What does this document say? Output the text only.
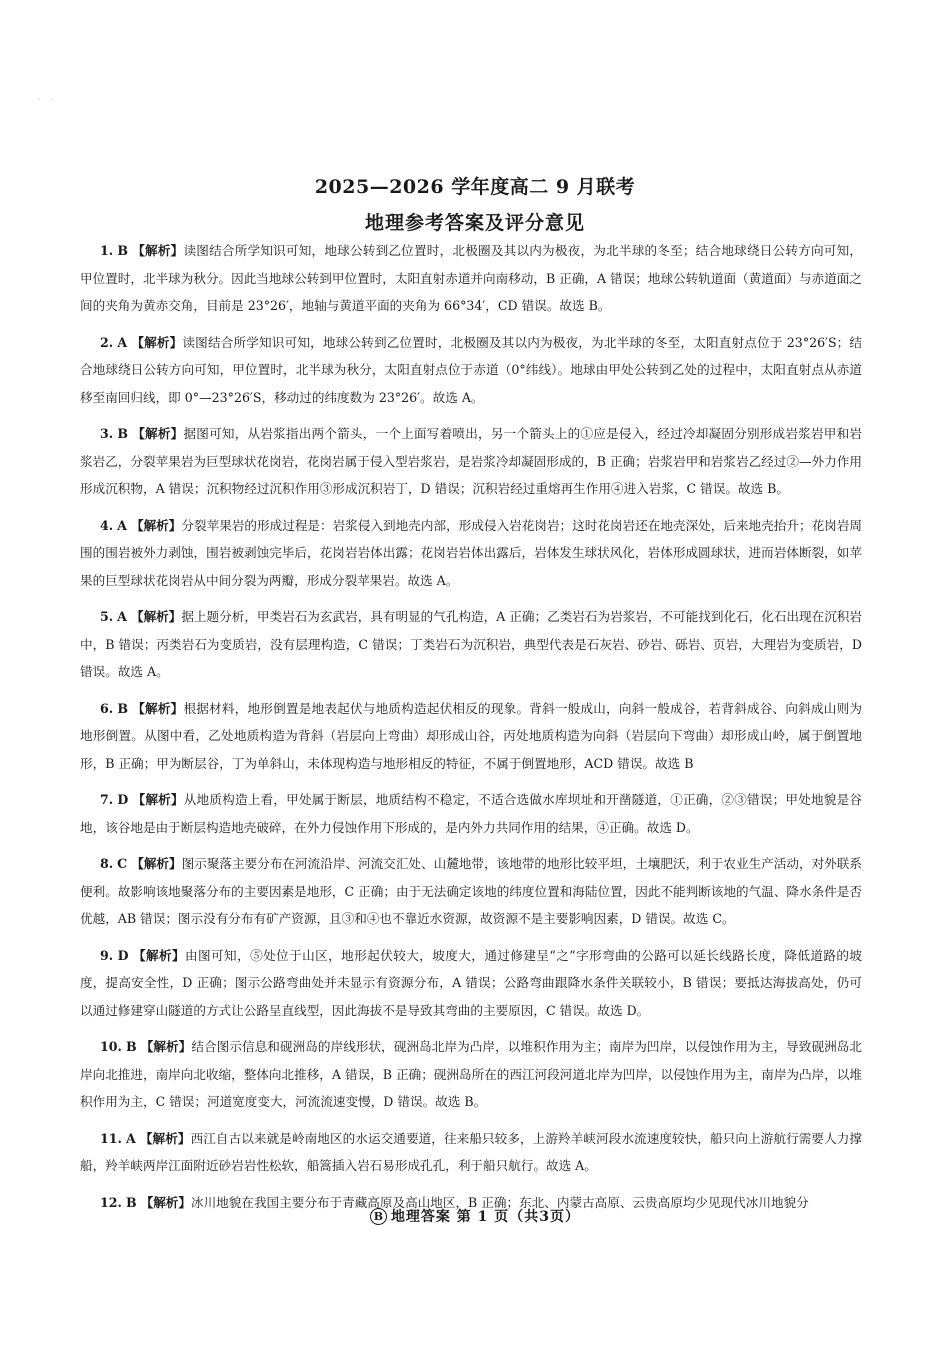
· ·
2025—2026 学年度高二 9 月联考
地理参考答案及评分意见

1. B 【解析】读图结合所学知识可知，地球公转到乙位置时，北极圈及其以内为极夜，为北半球的冬至；结合地球绕日公转方向可知，甲位置时，北半球为秋分。因此当地球公转到甲位置时，太阳直射赤道并向南移动，B 正确，A 错误；地球公转轨道面（黄道面）与赤道面之间的夹角为黄赤交角，目前是 23°26′，地轴与黄道平面的夹角为 66°34′，CD 错误。故选 B。

2. A 【解析】读图结合所学知识可知，地球公转到乙位置时，北极圈及其以内为极夜，为北半球的冬至，太阳直射点位于 23°26′S；结合地球绕日公转方向可知，甲位置时，北半球为秋分，太阳直射点位于赤道（0°纬线）。地球由甲处公转到乙处的过程中，太阳直射点从赤道移至南回归线，即 0°—23°26′S，移动过的纬度数为 23°26′。故选 A。

3. B 【解析】据图可知，从岩浆指出两个箭头，一个上面写着喷出，另一个箭头上的①应是侵入，经过冷却凝固分别形成岩浆岩甲和岩浆岩乙，分裂苹果岩为巨型球状花岗岩，花岗岩属于侵入型岩浆岩，是岩浆冷却凝固形成的，B 正确；岩浆岩甲和岩浆岩乙经过②—外力作用形成沉积物，A 错误；沉积物经过沉积作用③形成沉积岩丁，D 错误；沉积岩经过重熔再生作用④进入岩浆，C 错误。故选 B。

4. A 【解析】分裂苹果岩的形成过程是：岩浆侵入到地壳内部，形成侵入岩花岗岩；这时花岗岩还在地壳深处，后来地壳抬升；花岗岩周围的围岩被外力剥蚀，围岩被剥蚀完毕后，花岗岩岩体出露；花岗岩岩体出露后，岩体发生球状风化，岩体形成圆球状，进而岩体断裂，如苹果的巨型球状花岗岩从中间分裂为两瓣，形成分裂苹果岩。故选 A。

5. A 【解析】据上题分析，甲类岩石为玄武岩，具有明显的气孔构造，A 正确；乙类岩石为岩浆岩，不可能找到化石，化石出现在沉积岩中，B 错误；丙类岩石为变质岩，没有层理构造，C 错误；丁类岩石为沉积岩，典型代表是石灰岩、砂岩、砾岩、页岩，大理岩为变质岩，D 错误。故选 A。

6. B 【解析】根据材料，地形倒置是地表起伏与地质构造起伏相反的现象。背斜一般成山，向斜一般成谷，若背斜成谷、向斜成山则为地形倒置。从图中看，乙处地质构造为背斜（岩层向上弯曲）却形成山谷，丙处地质构造为向斜（岩层向下弯曲）却形成山岭，属于倒置地形，B 正确；甲为断层谷，丁为单斜山，未体现构造与地形相反的特征，不属于倒置地形，ACD 错误。故选 B

7. D 【解析】从地质构造上看，甲处属于断层，地质结构不稳定，不适合选做水库坝址和开凿隧道，①正确，②③错误；甲处地貌是谷地，该谷地是由于断层构造地壳破碎，在外力侵蚀作用下形成的，是内外力共同作用的结果，④正确。故选 D。

8. C 【解析】图示聚落主要分布在河流沿岸、河流交汇处、山麓地带，该地带的地形比较平坦，土壤肥沃，利于农业生产活动，对外联系便利。故影响该地聚落分布的主要因素是地形，C 正确；由于无法确定该地的纬度位置和海陆位置，因此不能判断该地的气温、降水条件是否优越，AB 错误；图示没有分布有矿产资源，且③和④也不靠近水资源，故资源不是主要影响因素，D 错误。故选 C。

9. D 【解析】由图可知，⑤处位于山区，地形起伏较大，坡度大，通过修建呈“之”字形弯曲的公路可以延长线路长度，降低道路的坡度，提高安全性，D 正确；图示公路弯曲处并未显示有资源分布，A 错误；公路弯曲跟降水条件关联较小，B 错误；要抵达海拔高处，仍可以通过修建穿山隧道的方式让公路呈直线型，因此海拔不是导致其弯曲的主要原因，C 错误。故选 D。

10. B 【解析】结合图示信息和砚洲岛的岸线形状，砚洲岛北岸为凸岸，以堆积作用为主；南岸为凹岸，以侵蚀作用为主，导致砚洲岛北岸向北推进，南岸向北收缩，整体向北推移，A 错误，B 正确；砚洲岛所在的西江河段河道北岸为凹岸，以侵蚀作用为主，南岸为凸岸，以堆积作用为主，C 错误；河道宽度变大，河流流速变慢，D 错误。故选 B。

11. A 【解析】西江自古以来就是岭南地区的水运交通要道，往来船只较多，上游羚羊峡河段水流速度较快，船只向上游航行需要人力撑船，羚羊峡两岸江面附近砂岩岩性松软，船篙插入岩石易形成孔孔，利于船只航行。故选 A。

12. B 【解析】冰川地貌在我国主要分布于青藏高原及高山地区，B 正确；东北、内蒙古高原、云贵高原均少见现代冰川地貌分

B 地理答案 第 1 页（共3页）
